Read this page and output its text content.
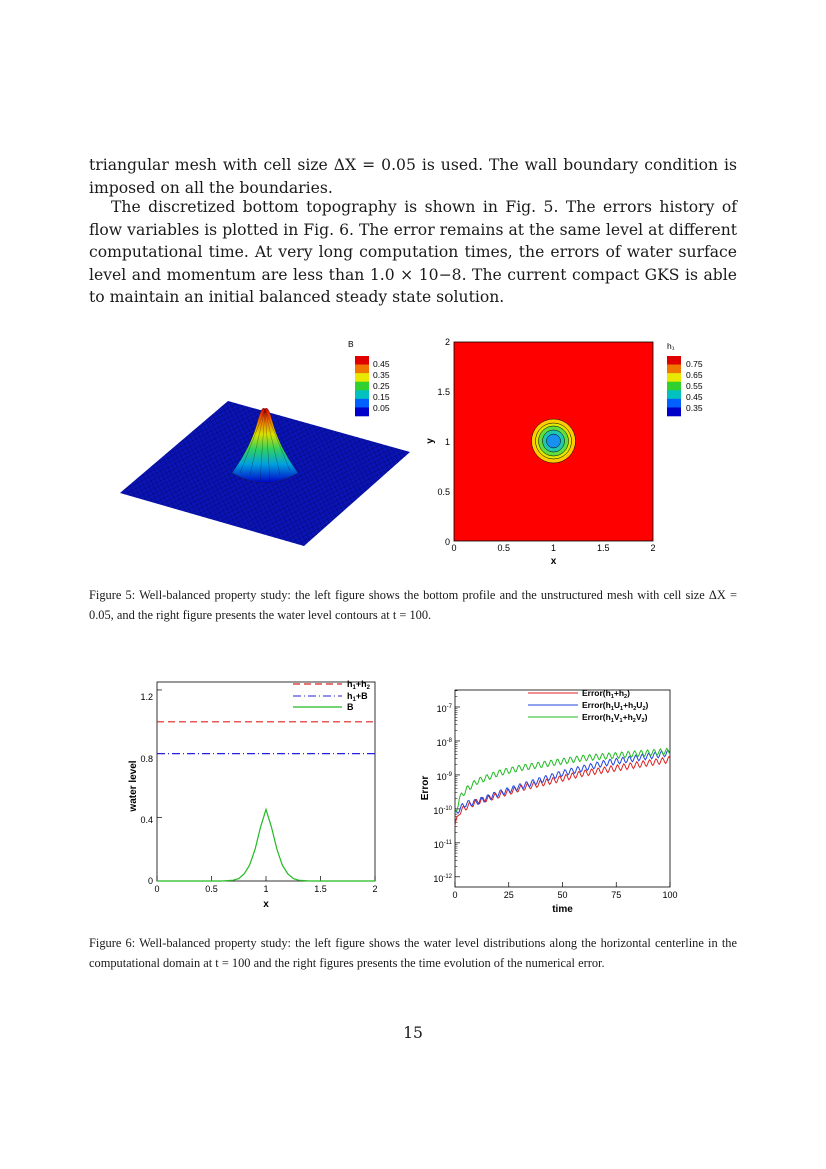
triangular mesh with cell size ΔX = 0.05 is used. The wall boundary condition is imposed on all the boundaries.
The discretized bottom topography is shown in Fig. 5. The errors history of flow variables is plotted in Fig. 6. The error remains at the same level at different computational time. At very long computation times, the errors of water surface level and momentum are less than 1.0 × 10−8. The current compact GKS is able to maintain an initial balanced steady state solution.
B
0.45
0.35
0.25
0.15
0.05
0	0.5	1	1.5	2
0
0.5
1
1.5
2
x
y
h₁
0.75
0.65
0.55
0.45
0.35
Figure 5: Well-balanced property study: the left figure shows the bottom profile and the unstructured mesh with cell size ΔX = 0.05, and the right figure presents the water level contours at t = 100.
0	0.5	1	1.5	2
0
0.4
0.8
1.2
x
water level
$h_1+h_2$
$h_1+B$
B
0	25	50	75	100
$10^{-12}$
$10^{-11}$
$10^{-10}$
$10^{-9}$
$10^{-8}$
$10^{-7}$
time
Error
$Error(h_1+h_2)$
$Error(h_1U_1+h_2U_2)$
$Error(h_1V_1+h_2V_2)$
Figure 6: Well-balanced property study: the left figure shows the water level distributions along the horizontal centerline in the computational domain at t = 100 and the right figures presents the time evolution of the numerical error.
15
